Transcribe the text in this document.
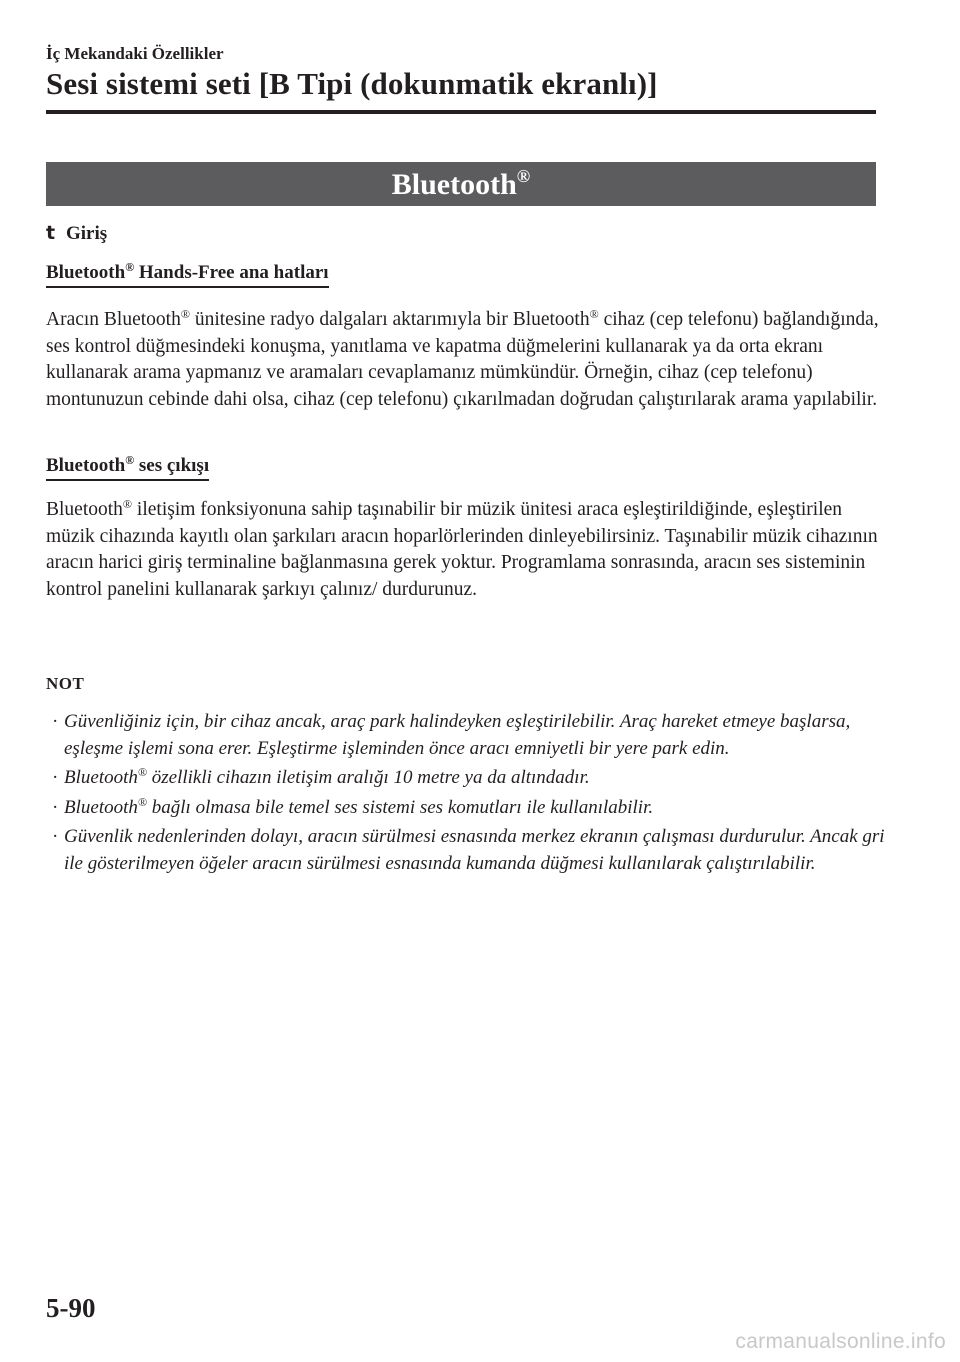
İç Mekandaki Özellikler
Sesi sistemi seti [B Tipi (dokunmatik ekranlı)]
Bluetooth®
t Giriş
Bluetooth® Hands-Free ana hatları
Aracın Bluetooth® ünitesine radyo dalgaları aktarımıyla bir Bluetooth® cihaz (cep telefonu) bağlandığında, ses kontrol düğmesindeki konuşma, yanıtlama ve kapatma düğmelerini kullanarak ya da orta ekranı kullanarak arama yapmanız ve aramaları cevaplamanız mümkündür. Örneğin, cihaz (cep telefonu) montunuzun cebinde dahi olsa, cihaz (cep telefonu) çıkarılmadan doğrudan çalıştırılarak arama yapılabilir.
Bluetooth® ses çıkışı
Bluetooth® iletişim fonksiyonuna sahip taşınabilir bir müzik ünitesi araca eşleştirildiğinde, eşleştirilen müzik cihazında kayıtlı olan şarkıları aracın hoparlörlerinden dinleyebilirsiniz. Taşınabilir müzik cihazının aracın harici giriş terminaline bağlanmasına gerek yoktur. Programlama sonrasında, aracın ses sisteminin kontrol panelini kullanarak şarkıyı çalınız/ durdurunuz.
NOT
· Güvenliğiniz için, bir cihaz ancak, araç park halindeyken eşleştirilebilir. Araç hareket etmeye başlarsa, eşleşme işlemi sona erer. Eşleştirme işleminden önce aracı emniyetli bir yere park edin.
· Bluetooth® özellikli cihazın iletişim aralığı 10 metre ya da altındadır.
· Bluetooth® bağlı olmasa bile temel ses sistemi ses komutları ile kullanılabilir.
· Güvenlik nedenlerinden dolayı, aracın sürülmesi esnasında merkez ekranın çalışması durdurulur. Ancak gri ile gösterilmeyen öğeler aracın sürülmesi esnasında kumanda düğmesi kullanılarak çalıştırılabilir.
5-90
carmanualsonline.info
